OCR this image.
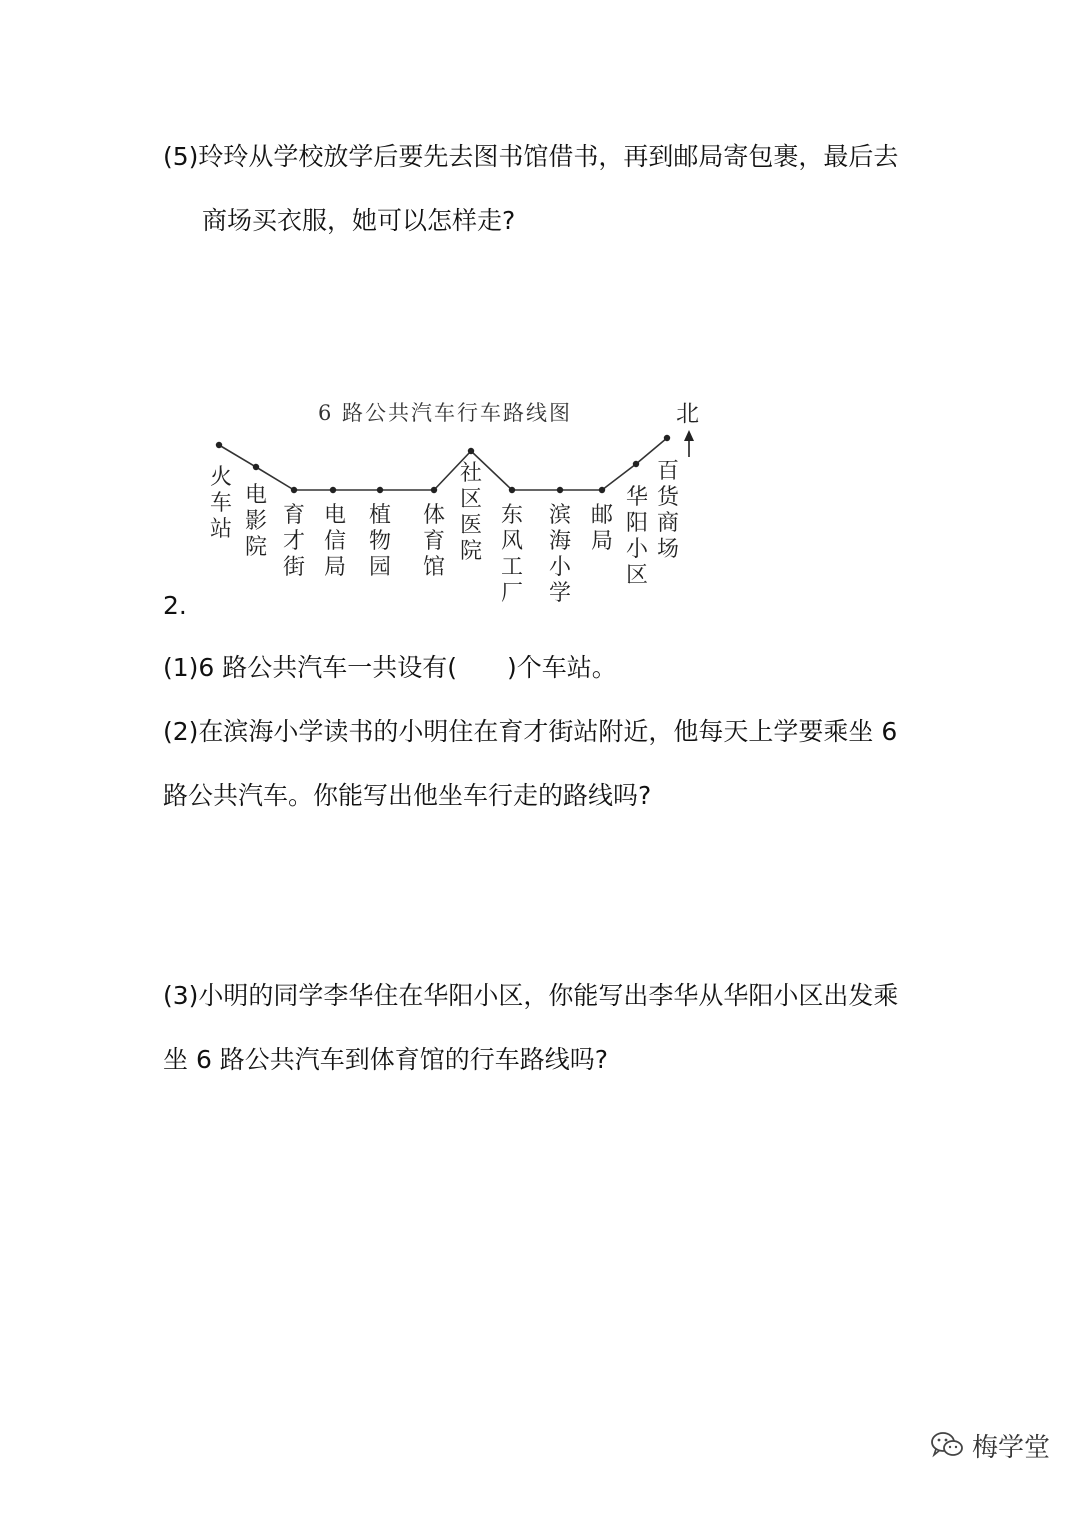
(5)玲玲从学校放学后要先去图书馆借书，再到邮局寄包裹，最后去
商场买衣服，她可以怎样走?
6 路公共汽车行车路线图	北
火车站
电影院
育才街
电信局
植物园
体育馆
社区医院
东风工厂
滨海小学
邮局
华阳小区
百货商场
2.
(1)6 路公共汽车一共设有(　　)个车站。
(2)在滨海小学读书的小明住在育才街站附近，他每天上学要乘坐 6
路公共汽车。你能写出他坐车行走的路线吗?
(3)小明的同学李华住在华阳小区，你能写出李华从华阳小区出发乘
坐 6 路公共汽车到体育馆的行车路线吗?
梅学堂
